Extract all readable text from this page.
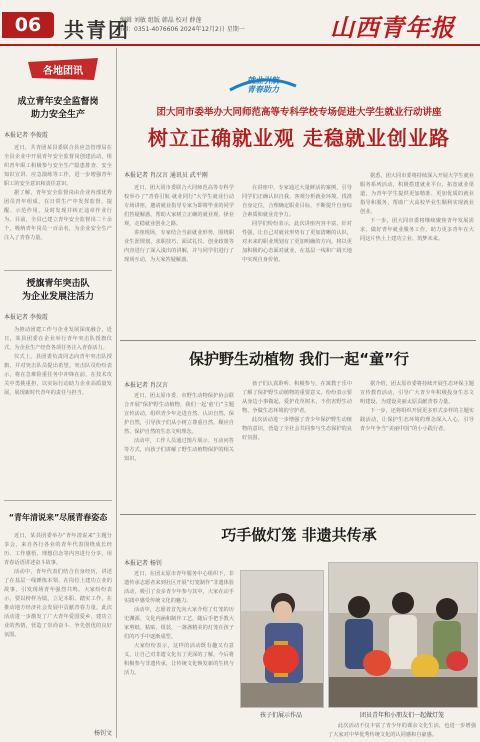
06	共青团
编辑 刘敏 组版 韩晶 校对 薛莲
Tel：0351-4076606 2024年12月2日 星期一	山西青年报
各地团讯
成立青年安全监督岗
助力安全生产
本报记者 李俊霞

近日，共青团某县委联合县应急管理局在全县企业中开展青年安全监督岗创建活动，组织青年职工积极参与安全生产隐患排查、安全知识宣讲、应急演练等工作，进一步增强青年职工的安全意识和责任意识。

据了解，青年安全监督岗由企业内部优秀团员青年组成，在日常生产中发挥监督、提醒、示范作用，及时发现并纠正违章作业行为。目前，全县已建立青年安全监督岗二十余个，吸纳青年岗员一百余名，为企业安全生产注入了青春力量。

授旗青年突击队
为企业发展注活力
本报记者 李俊霞

为推动团建工作与企业发展深度融合，近日，某县团委在企业举行青年突击队授旗仪式，为企业生产经营各项任务注入青春活力。

仪式上，县团委负责同志向青年突击队授旗，并对突击队员提出希望。突击队员纷纷表示，将在急难险重任务中冲锋在前，在技术攻关中勇挑重担，以实际行动助力企业高质量发展，展现新时代青年的责任与担当。

“青年清说来”尽展青春姿态

近日，某县团委举办“青年清说来”主题分享会，来自各行各业的青年代表围绕成长经历、工作感悟、理想信念等内容进行分享，用青春话语讲述奋斗故事。

活动中，青年代表们结合自身经历，讲述了在基层一线锤炼本领、在岗位上建功立业的故事，引发现场青年强烈共鸣。大家纷纷表示，要以榜样为镜，立足本职、踏实工作，在推动地方经济社会发展中贡献青春力量。此次活动进一步激发了广大青年爱国爱乡、建功立业的热情，营造了崇尚奋斗、争先创优的良好氛围。

杨钊文
就业引航
青春助力
团大同市委举办大同师范高等专科学校专场促进大学生就业行动讲座
树立正确就业观 走稳就业创业路
本报记者 肖汉言 通讯员 武平刚

近日，团大同市委联合大同师范高等专科学校举办了“青春引航·就业同行”大学生就业行动专场讲座，邀请就业指导专家为即将毕业的同学们答疑解惑，帮助大家树立正确的就业观、择业观，走稳就业创业之路。

讲座现场，专家结合当前就业形势，围绕职业生涯规划、求职技巧、面试礼仪、创业政策等内容进行了深入浅出的讲解，并与同学们进行了现场互动，为大家答疑解惑。

在讲座中，专家通过大量鲜活的案例，引导同学们正确认识自我、客观分析就业环境，找准自身定位，合理确定职业目标，不断提升自身综合素质和就业竞争力。

同学们纷纷表示，此次讲座内容丰富、针对性强，让自己对就业形势有了更加清晰的认识，对未来的职业规划有了更加明确的方向，将以更加积极的心态面对就业，在基层一线和广阔天地中实现自身价值。

据悉，团大同市委将持续深入开展大学生就业服务系列活动，积极搭建就业平台，拓宽就业渠道，为青年学生提供更加精准、更加优质的就业指导和服务，帮助广大高校毕业生顺利实现就业创业。

下一步，团大同市委将继续聚焦青年发展需求，做好青年就业服务工作，助力更多青年在大同这片热土上建功立业、筑梦未来。

保护野生动植物 我们一起“童”行
本报记者 肖汉言

近日，团太原市委、市野生动物保护协会联合开展“保护野生动植物，我们一起‘童’行”主题宣传活动，组织青少年走进自然、认识自然、保护自然，引导孩子们从小树立尊重自然、顺应自然、保护自然的生态文明理念。

活动中，工作人员通过图片展示、互动问答等方式，向孩子们讲解了野生动植物保护的相关知识。

孩子们认真聆听、积极参与，在寓教于乐中了解了保护野生动植物的重要意义，纷纷表示要从身边小事做起，爱护花草树木，不伤害野生动物，争做生态环境的守护者。

此次活动进一步增强了青少年保护野生动植物的意识，营造了全社会共同参与生态保护的良好氛围。

据介绍，团太原市委将持续开展生态环保主题宣传教育活动，引导广大青少年积极投身生态文明建设，为建设美丽太原贡献青春力量。

下一步，还将组织开展更多形式多样的主题实践活动，让保护生态环境的理念深入人心，引导青少年争当“美丽中国”的小小践行者。

巧手做灯笼 非遗共传承
本报记者 杨钊

近日，在团太原市青年服务中心组织下，非遗传承志愿者来到社区开展“灯笼制作”非遗体验活动，吸引了众多青少年参与其中，大家在动手实践中感受传统文化的魅力。

活动中，志愿者首先向大家介绍了灯笼的历史渊源、文化内涵和制作工艺，随后手把手教大家剪纸、粘贴、组装，一盏盏精美的灯笼在孩子们的巧手中逐渐成型。

大家纷纷表示，这样的活动既有趣又有意义，让自己对非遗文化有了更深的了解，今后将积极参与非遗传承，让传统文化焕发新的生机与活力。

孩子们展示作品	团员青年和小朋友们一起做灯笼

此次活动不仅丰富了青少年的课余文化生活，也进一步增强了大家对中华优秀传统文化的认同感和自豪感。
